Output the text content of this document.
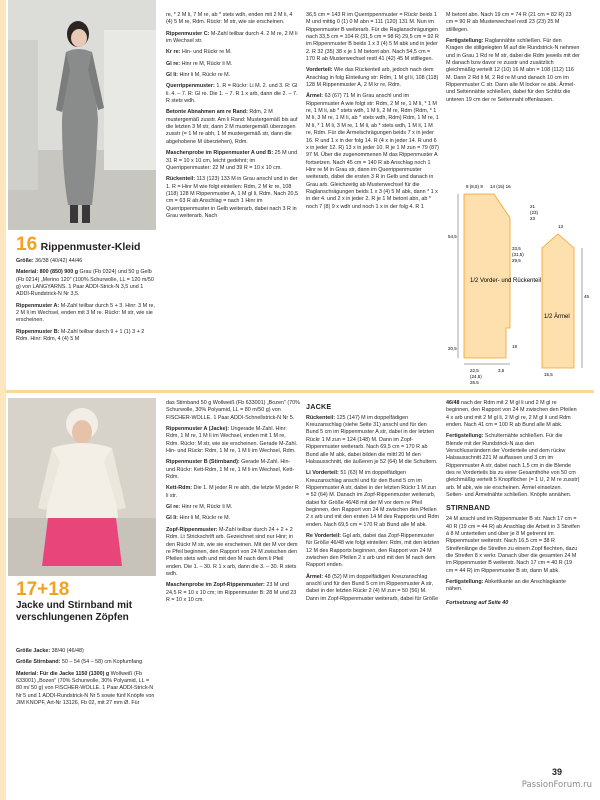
16 Rippenmuster-Kleid

Größe: 36/38 (40/42) 44/46

Material: 800 (850) 900 g Grau (Fb 0324) und 50 g Gelb (Fb 0214) „Merino 120" (100% Schurwolle, LL = 120 m/50 g) von LANGYARNS. 1 Paar ADDI-Strick-N 3,5 und 1 ADDI-Rundstrick-N Nr 3,5.

Rippenmuster A: M-Zahl teilbar durch 5 + 3. Hinr: 3 M re, 2 M li im Wechsel, enden mit 3 M re. Rückr: M str, wie sie erscheinen.

Rippenmuster B: M-Zahl teilbar durch 9 + 1 (1) 3 + 2 Rdm. Hinr: Rdm, 4 (4) 5 M

re, * 2 M li, 7 M re, ab * stets wdh, enden mit 2 M li, 4 (4) 5 M re, Rdm. Rückr: M str, wie sie erscheinen.

Rippenmuster C: M-Zahl teilbar durch 4. 2 M re, 2 M li im Wechsel str.

Kr re: Hin- und Rückr re M.

Gl re: Hinr re M, Rückr li M.

Gl li: Hinr li M, Rückr re M.

Querrippenmuster: 1. R = Rückr: Li M. 2. und 3. R: Gl li. 4. – 7. R: Gl re. Die 1. – 7. R 1 x arb, dann die 2. – 7. R stets wdh.

Betonte Abnahmen am re Rand: Rdm, 2 M mustergemäß zusstr. Am li Rand: Mustergemäß bis auf die letzten 3 M str, dann 2 M mustergemäß überzogen zusstr (= 1 M re abh, 1 M mustergemäß str, dann die abgehobene M überziehen), Rdm.

Maschenprobe im Rippenmuster A und B: 25 M und 31 R = 10 x 10 cm, leicht gedehnt; im Querrippenmuster: 22 M und 39 R = 10 x 10 cm.

Rückenteil: 113 (123) 133 M in Grau anschl und in der 1. R = Hinr M wie folgt einteilen: Rdm, 2 M kr re, 108 (118) 128 M Rippenmuster A, 1 M gl li, Rdm. Nach 20,5 cm = 63 R ab Anschlag = nach 1 Hinr im Querrippenmuster in Gelb weiterarb, dabei nach 3 R in Grau weiterarb. Nach

36,5 cm = 143 R im Querrippenmuster = Rückr beids 1 M und mittig 0 (1) 0 M abn = 111 (120) 131 M. Nun im Rippenmuster B weiterarb. Für die Raglanschrägungen nach 33,5 cm = 104 R (31,5 cm = 98 R) 29,5 cm = 92 R im Rippenmuster B beids 1 x 3 (4) 5 M abk und in jeder 2. R 32 (35) 38 x je 1 M betont abn. Nach 54,5 cm = 170 R ab Musterwechsel restl 41 (42) 45 M stilllegen.

Vorderteil: Wie das Rückenteil arb, jedoch nach dem Anschlag in folg Einteilung str: Rdm, 1 M gl li, 108 (118) 128 M Rippenmuster A, 2 M kr re, Rdm.

Ärmel: 63 (67) 71 M in Grau anschl und im Rippenmuster A wie folgt str: Rdm, 2 M re, 1 M li, * 1 M re, 1 M li, ab * stets wdh, 1 M li, 2 M re, Rdm (Rdm, * 1 M li, 3 M re, 1 M li, ab * stets wdh, Rdm) Rdm, 1 M re, 1 M li, * 1 M li, 3 M re, 1 M li, ab * stets wdh, 1 M li, 1 M re, Rdm. Für die Ärmelschrägungen beids 7 x in jeder 16. R und 1 x in der folg 14. R (4 x in jeder 14. R und 6 x in jeder 12. R) 13 x in jeder 10. R je 1 M zun = 79 (87) 97 M. Über die zugenommenen M das Rippenmuster A fortsetzen. Nach 45 cm = 140 R ab Anschlag noch 1 Hinr re M in Grau str, dann im Querrippenmuster weiterarb, dabei die ersten 3 R in Gelb und danach in Grau arb. Gleichzeitig ab Musterwechsel für die Raglanschrägungen beids 1 x 3 (4) 5 M abk, dann * 1 x in der 4. und 2 x in jeder 2. R je 1 M betont abn, ab * noch 7 (8) 9 x wdh und noch 1 x in der folg 4. R 1

M betont abn. Nach 19 cm = 74 R (21 cm = 82 R) 23 cm = 90 R ab Musterwechsel restl 23 (23) 25 M stilllegen.

Fertigstellung: Raglannähte schließen. Für den Kragen die stillgelegten M auf die Rundstrick-N nehmen und in Grau 1 Rd re M str, dabei die Rdm jeweils mit der M danach bzw davor re zusstr und zusätzlich gleichmäßig verteilt 12 (10) 16 M abn = 108 (112) 116 M. Dann 2 Rd li M, 2 Rd re M und danach 10 cm im Rippenmuster C str. Dann alle M locker re abk. Ärmel- und Seitennähte schließen, dabei für den Schlitz die unteren 19 cm der re Seitennaht offenlassen.

1/2 Vorder- und Rückenteil
1/2 Ärmel
8 (8,5) 9 14 (15) 16
54,5
33,5
(31,5)
29,5
20,5	19
22,5
(24,5)
26,5
3,5
13
45
15,5
21
(23)
23
17+18
Jacke und Stirnband mit verschlungenen Zöpfen

Größe Jacke: 38/40 (46/48)

Größe Stirnband: 50 – 54 (54 – 58) cm Kopfumfang

Material: Für die Jacke 1150 (1300) g Wollweiß (Fb 633001) „Bozen" (70% Schurwolle, 30% Polyamid, LL = 80 m/ 50 g) von FISCHER-WOLLE. 1 Paar ADDI-Strick-N Nr 5 und 1 ADDI-Rundstrick-N Nr 5 sowie fünf Knöpfe von JIM KNOPF, Art-Nr 13126, Fb 02, mit 27 mm Ø. Für

das Stirnband 50 g Wollweiß (Fb 633001) „Bozen" (70% Schurwolle, 30% Polyamid, LL = 80 m/50 g) von FISCHER-WOLLE. 1 Paar ADDI-Schnellstrick-N Nr 5.

Rippenmuster A (Jacke): Ungerade M-Zahl. Hinr: Rdm, 1 M re, 1 M li im Wechsel, enden mit 1 M re, Rdm. Rückr: M str, wie sie erscheinen. Gerade M-Zahl. Hin- und Rückr: Rdm, 1 M re, 1 M li im Wechsel, Rdm.

Rippenmuster B (Stirnband): Gerade M-Zahl. Hin- und Rückr: Kett-Rdm, 1 M re, 1 M li im Wechsel, Kett-Rdm.

Kett-Rdm: Die 1. M jeder R re abh, die letzte M jeder R li str.

Gl re: Hinr re M, Rückr li M.

Gl li: Hinr li M, Rückr re M.

Zopf-Rippenmuster: M-Zahl teilbar durch 24 + 2 + 2 Rdm. Lt Strickschrift arb. Gezeichnet sind nur Hinr; in den Rückr M str, wie sie erscheinen. Mit der M vor dem re Pfeil beginnen, den Rapport von 24 M zwischen den Pfeilen stets wdh und mit den M nach dem li Pfeil enden. Die 1. – 30. R 1 x arb, dann die 3. – 30. R stets wdh.

Maschenprobe im Zopf-Rippenmuster: 23 M und 24,5 R = 10 x 10 cm; im Rippenmuster B: 28 M und 23 R = 10 x 10 cm.

JACKE

Rückenteil: 125 (147) M im doppelfädigen Kreuzanschlag (siehe Seite 31) anschl und für den Bund 5 cm im Rippenmuster A str, dabei in der letzten Rückr 1 M zun = 124 (148) M. Dann im Zopf-Rippenmuster weiterarb. Nach 69,5 cm = 170 R ab Bund alle M abk, dabei bilden die mittl 20 M den Halsausschnitt, die äußeren je 52 (64) M die Schultern.

Li Vorderteil: 51 (63) M im doppelfädigen Kreuzanschlag anschl und für den Bund 5 cm im Rippenmuster A str, dabei in der letzten Rückr 1 M zun = 52 (64) M. Danach im Zopf-Rippenmuster weiterarb, dabei für Größe 46/48 mit der M vor dem re Pfeil beginnen, den Rapport von 24 M zwischen den Pfeilen 2 x arb und mit den ersten 14 M des Rapports und Rdm enden. Nach 69,5 cm = 170 R ab Bund alle M abk.

Re Vorderteil: Ggl arb, dabei das Zopf-Rippenmuster für Größe 46/48 wie folgt einteilen: Rdm, mit den letzten 12 M des Rapports beginnen, den Rapport von 24 M zwischen den Pfeilen 2 x arb und mit den M nach dem Rapport enden.

Ärmel: 48 (52) M im doppelfädigen Kreuzanschlag anschl und für den Bund 5 cm im Rippenmuster A str, dabei in der letzten Rückr 2 (4) M zun = 50 (56) M. Dann im Zopf-Rippenmuster weiterarb, dabei für Größe

46/48 nach der Rdm mit 2 M gl li und 2 M gl re beginnen, den Rapport von 24 M zwischen den Pfeilen 4 x arb und mit 2 M gl li, 2 M gl re, 2 M gl li und Rdm enden. Nach 41 cm = 100 R ab Bund alle M abk.

Fertigstellung: Schulternähte schließen. Für die Blende mit der Rundstrick-N aus den Verschlussrändern der Vorderteile und dem rückw Halsausschnitt 221 M auffassen und 3 cm im Rippenmuster A str, dabei nach 1,5 cm in die Blende des re Vorderteils bis zu einer Gesamthöhe von 50 cm gleichmäßig verteilt 5 Knopflöcher (= 1 U, 2 M re zusstr) arb. M abk, wie sie erscheinen. Ärmel einsetzen. Seiten- und Ärmelnähte schließen. Knöpfe annähen.

STIRNBAND

24 M anschl und im Rippenmuster B str. Nach 17 cm = 40 R (19 cm = 44 R) ab Anschlag die Arbeit in 3 Streifen à 8 M unterteilen und über je 8 M getrennt im Rippenmuster weiterstr. Nach 16,5 cm = 38 R Streifenlänge die Streifen zu einem Zopf flechten, dazu die Streifen 8 x verkr. Danach über die gesamten 24 M im Rippenmuster B weiterstr. Nach 17 cm = 40 R (19 cm = 44 R) im Rippenmuster B str, dann M abk.

Fertigstellung: Abkettkante an die Anschlagkante nähen.

Fortsetzung auf Seite 40

39
PassionForum.ru
